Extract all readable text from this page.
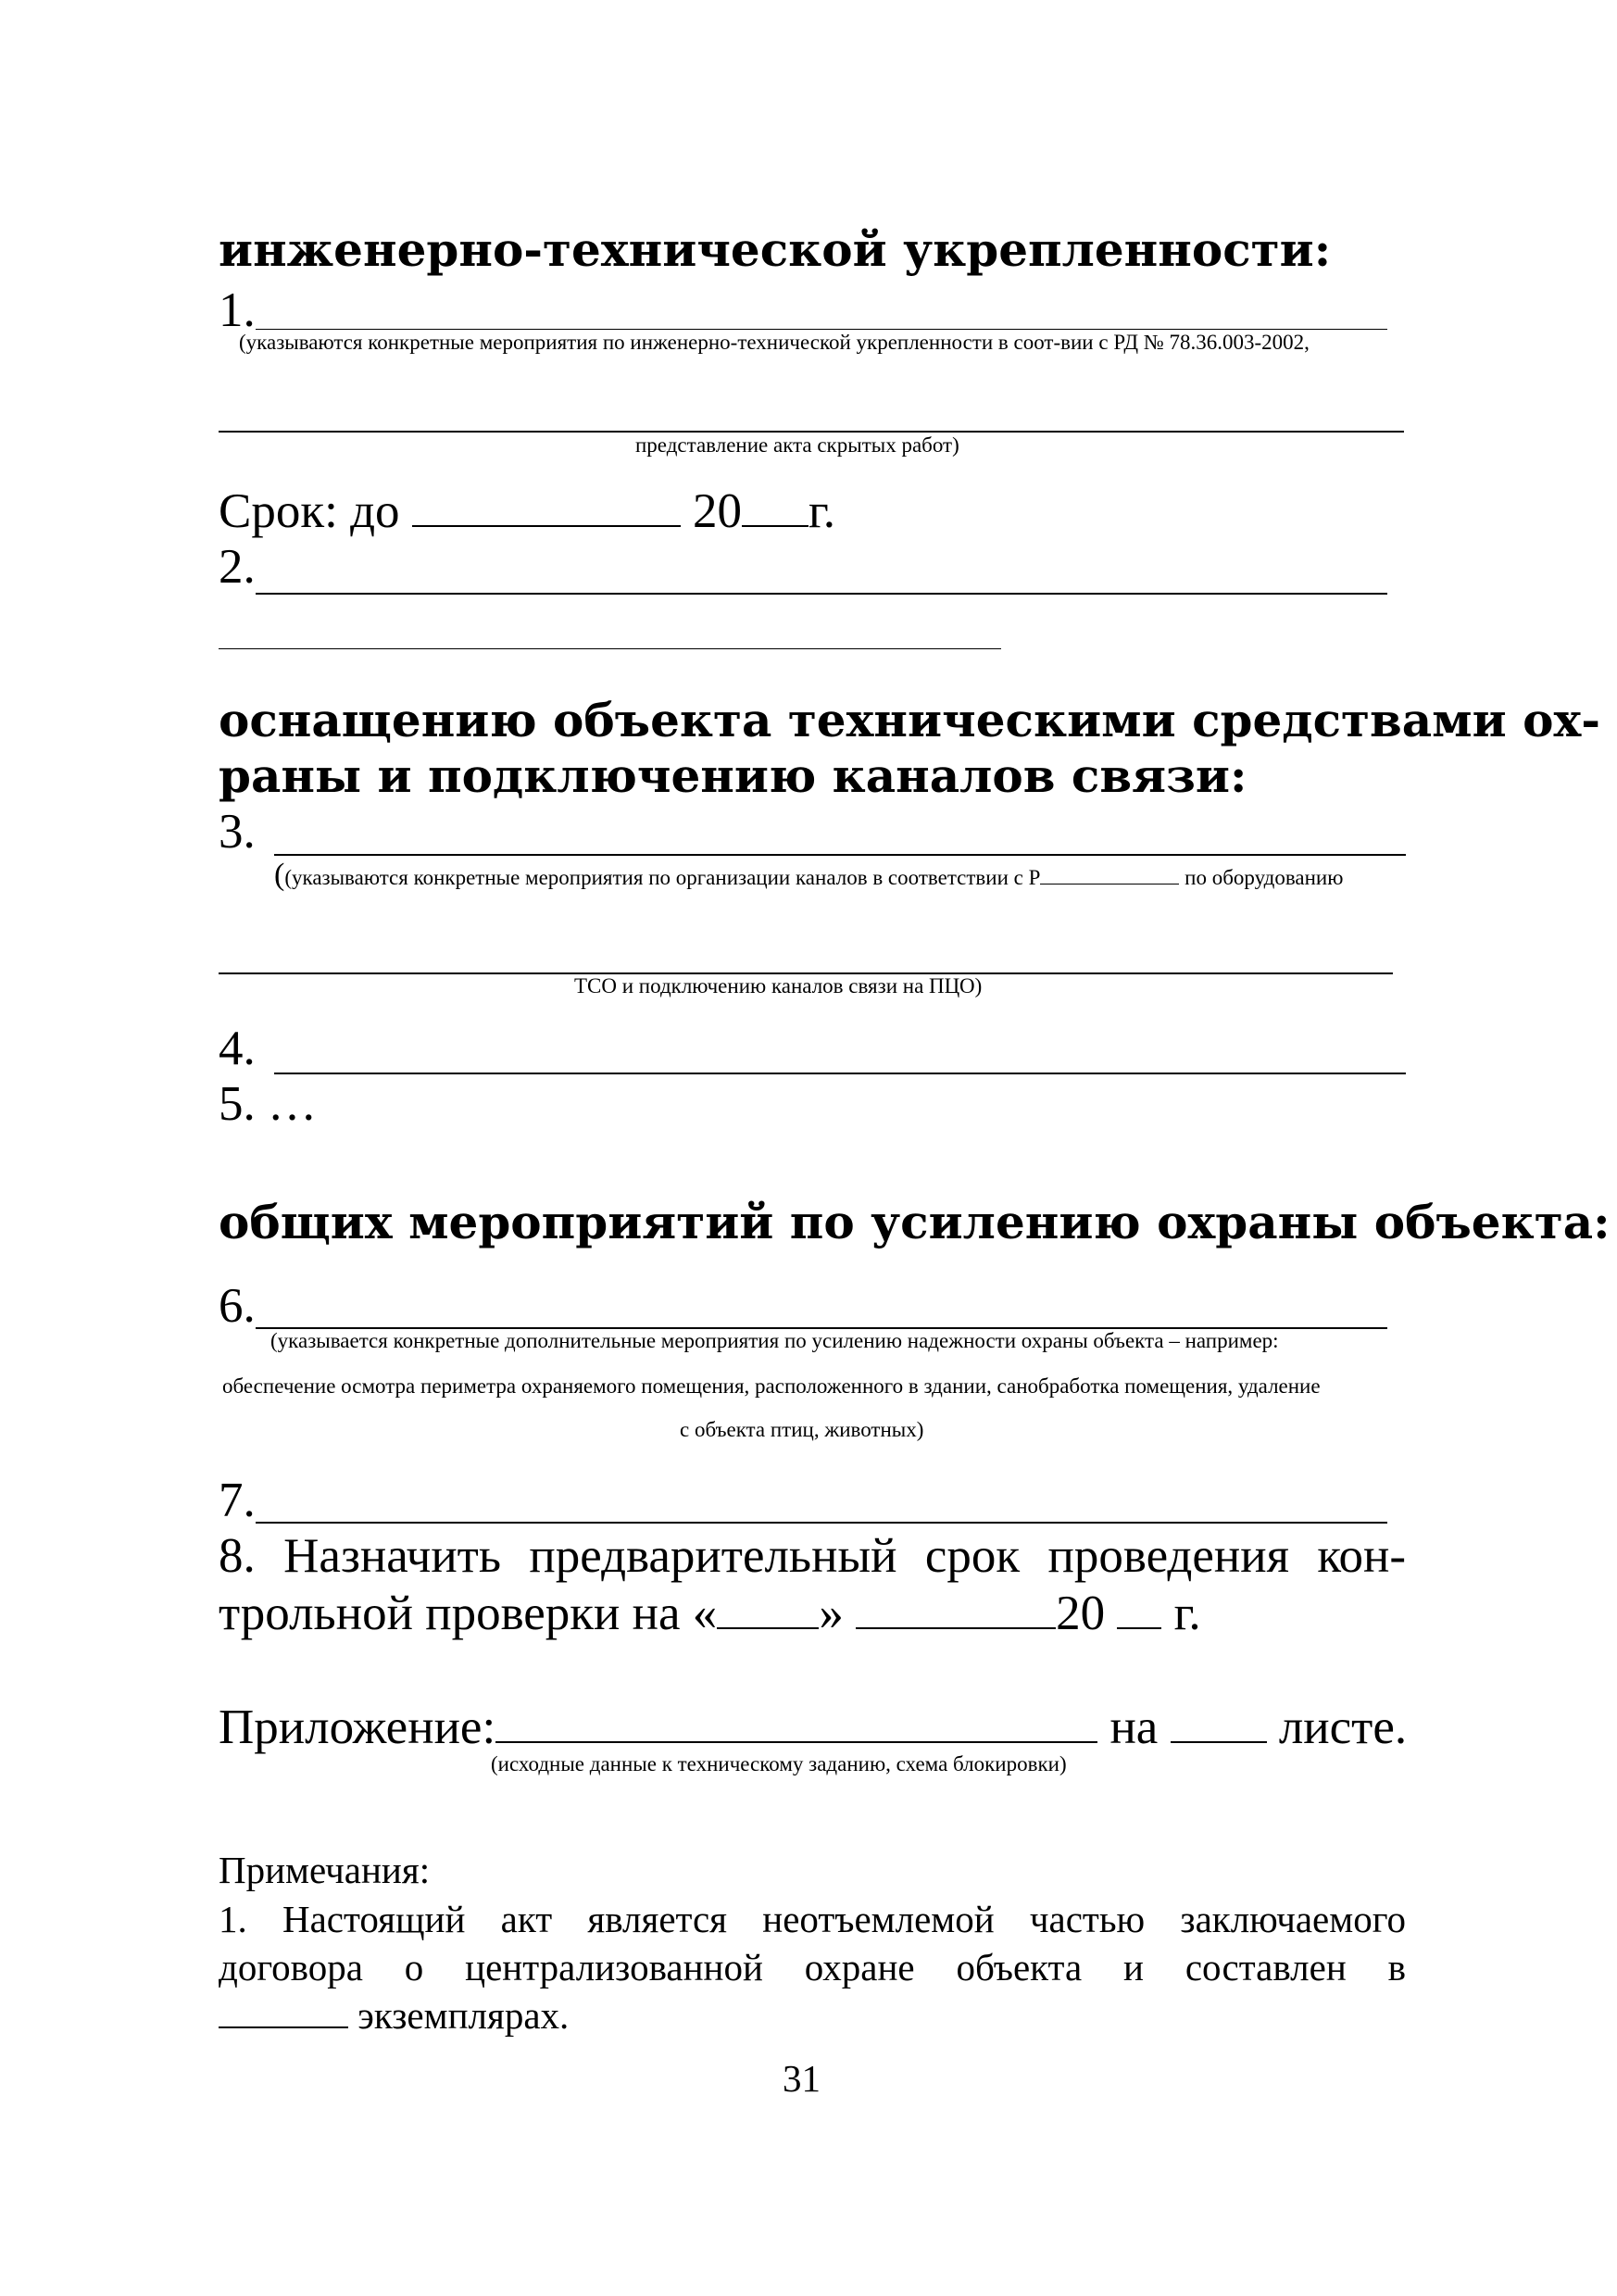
инженерно-технической укрепленности:
1.
(указываются конкретные мероприятия по инженерно-технической укрепленности в соот-вии с РД № 78.36.003-2002,
представление акта скрытых работ)
Срок: до	20 г.
2.
оснащению объекта техническими средствами ох-
раны и подключению каналов связи:
3.
((указываются конкретные мероприятия по организации каналов в соответствии с Р	по оборудованию
ТСО и подключению каналов связи на ПЦО)
4.
5. …
общих мероприятий по усилению охраны объекта:
6.
(указывается конкретные дополнительные мероприятия по усилению надежности охраны объекта – например:
обеспечение осмотра периметра охраняемого помещения, расположенного в здании, санобработка помещения, удаление
с объекта птиц, животных)
7.
8. Назначить предварительный срок проведения кон-
трольной проверки на « »	20 г.
Приложение:	на листе.
(исходные данные к техническому заданию, схема блокировки)
Примечания:
1. Настоящий акт является неотъемлемой частью заключаемого
договора о централизованной охране объекта и составлен в
экземплярах.
31
